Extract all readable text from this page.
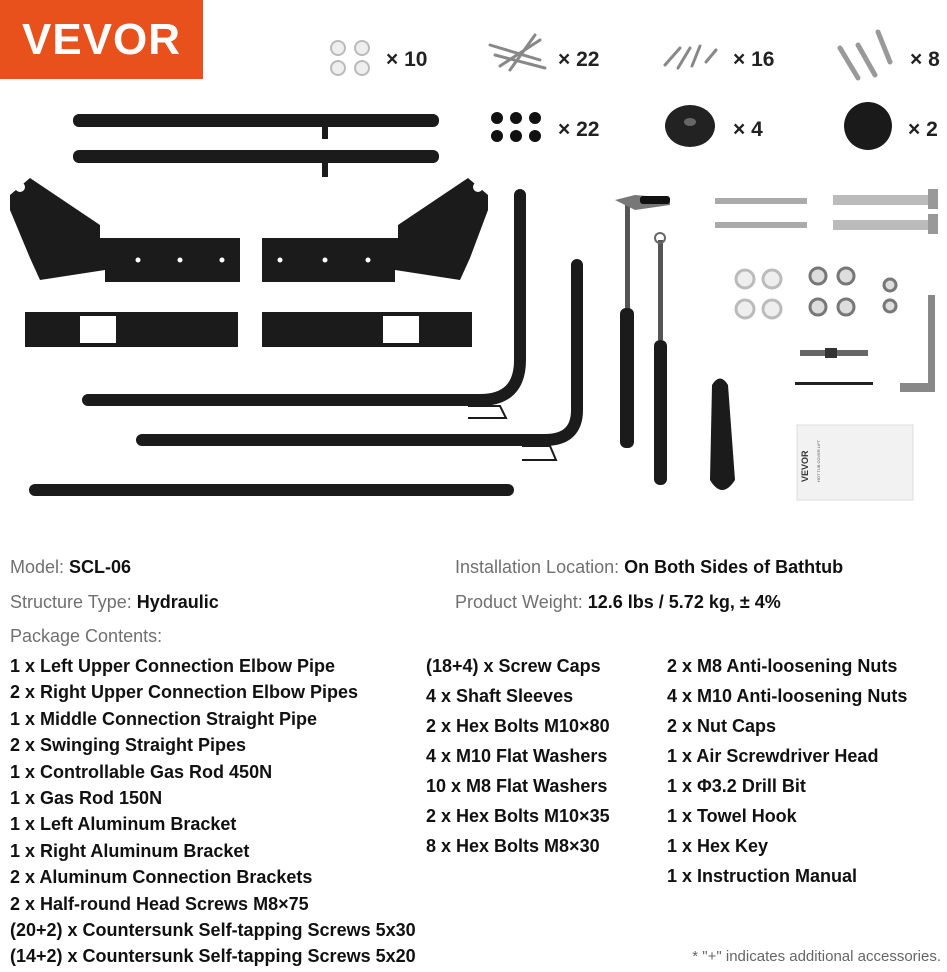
VEVOR
VEVOR HOT TUB COVER LIFT
× 10	× 22	× 16	× 8
× 22	× 4	× 2
Model: SCL-06	Installation Location: On Both Sides of Bathtub
Structure Type: Hydraulic	Product Weight: 12.6 lbs / 5.72 kg, ± 4%
Package Contents:
1 x Left Upper Connection Elbow Pipe
2 x Right Upper Connection Elbow Pipes
1 x Middle Connection Straight Pipe
2 x Swinging Straight Pipes
1 x Controllable Gas Rod 450N
1 x Gas Rod 150N
1 x Left Aluminum Bracket
1 x Right Aluminum Bracket
2 x Aluminum Connection Brackets
2 x Half-round Head Screws M8×75
(20+2) x Countersunk Self-tapping Screws 5x30
(14+2) x Countersunk Self-tapping Screws 5x20
(18+4) x Screw Caps
4 x Shaft Sleeves
2 x Hex Bolts M10×80
4 x M10 Flat Washers
10 x M8 Flat Washers
2 x Hex Bolts M10×35
8 x Hex Bolts M8×30
2 x M8 Anti-loosening Nuts
4 x M10 Anti-loosening Nuts
2 x Nut Caps
1 x Air Screwdriver Head
1 x Φ3.2 Drill Bit
1 x Towel Hook
1 x Hex Key
1 x Instruction Manual
* "+" indicates additional accessories.
